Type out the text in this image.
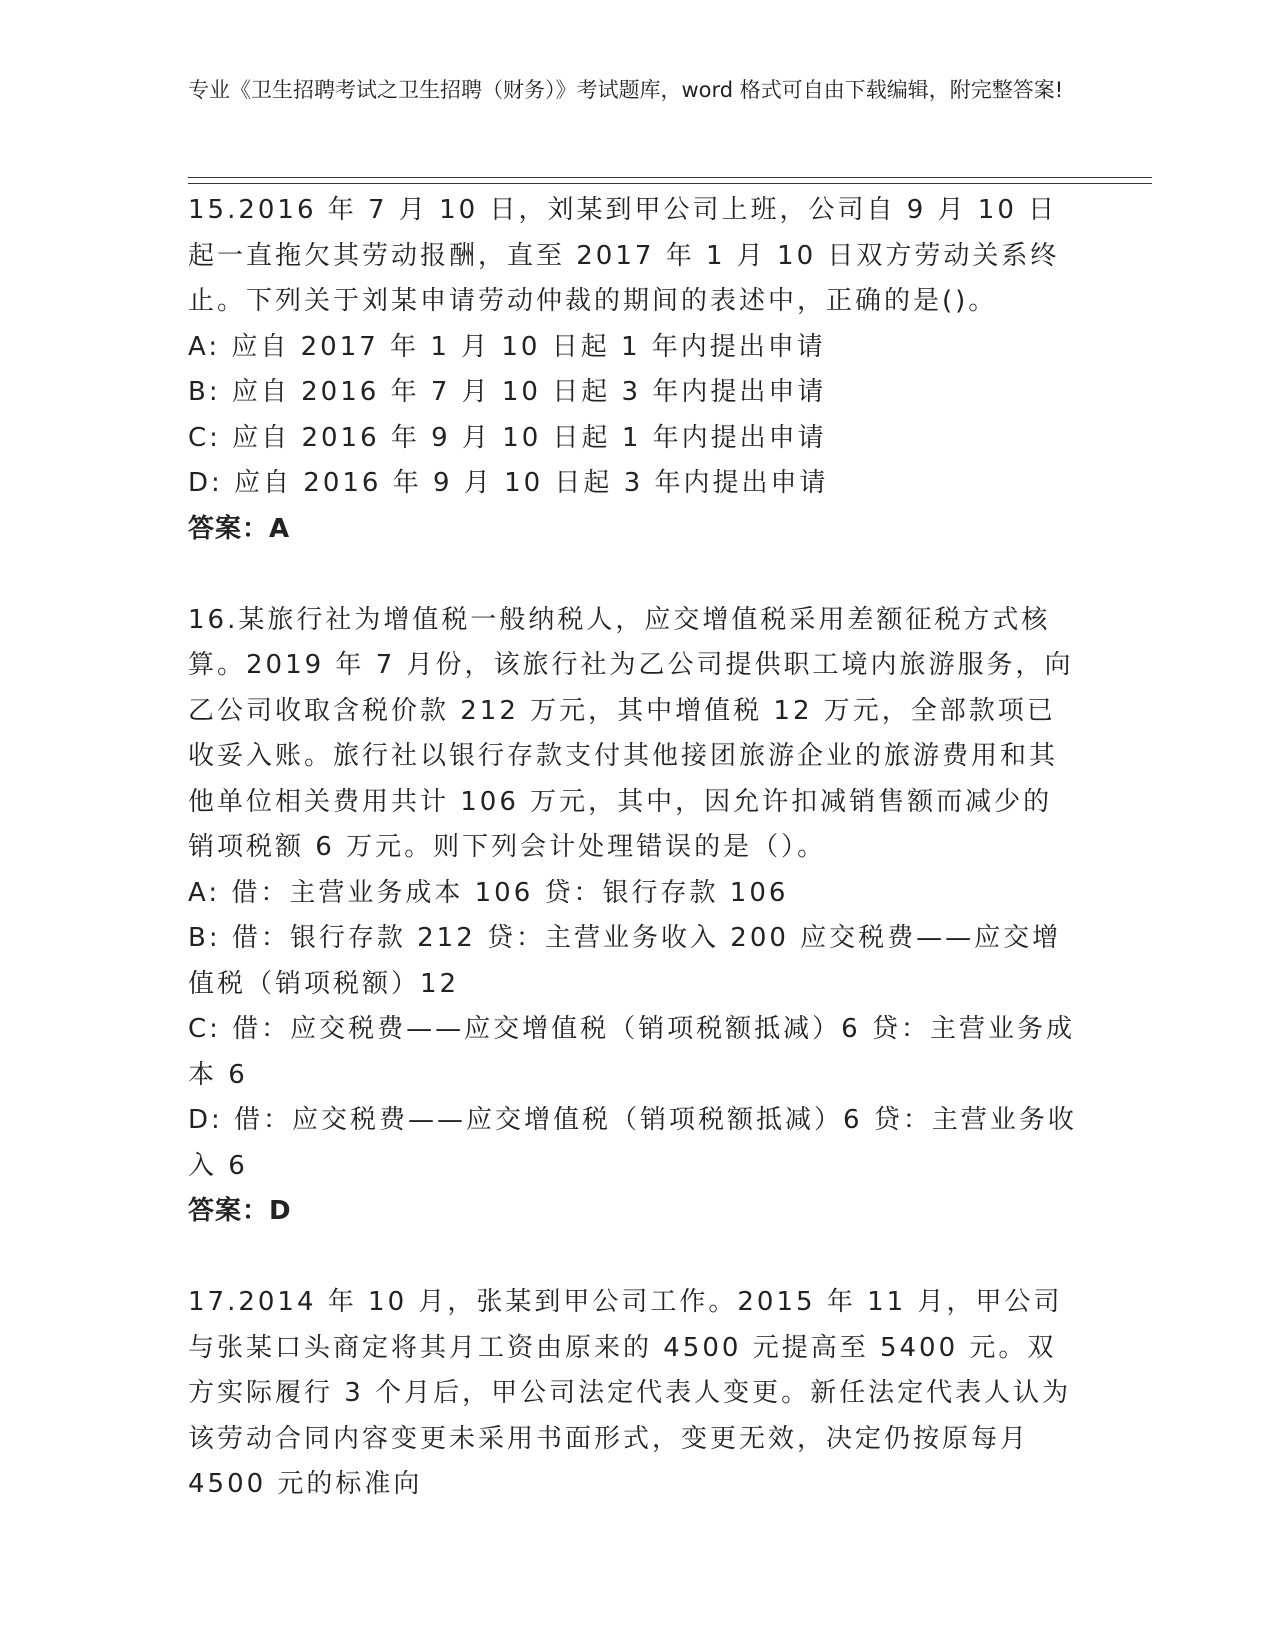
专业《卫生招聘考试之卫生招聘（财务）》考试题库，word 格式可自由下载编辑，附完整答案!

15.2016 年 7 月 10 日，刘某到甲公司上班，公司自 9 月 10 日起一直拖欠其劳动报酬，直至 2017 年 1 月 10 日双方劳动关系终止。下列关于刘某申请劳动仲裁的期间的表述中，正确的是()。

A: 应自 2017 年 1 月 10 日起 1 年内提出申请

B: 应自 2016 年 7 月 10 日起 3 年内提出申请

C: 应自 2016 年 9 月 10 日起 1 年内提出申请

D: 应自 2016 年 9 月 10 日起 3 年内提出申请

答案：A

16.某旅行社为增值税一般纳税人，应交增值税采用差额征税方式核算。2019 年 7 月份，该旅行社为乙公司提供职工境内旅游服务，向乙公司收取含税价款 212 万元，其中增值税 12 万元，全部款项已收妥入账。旅行社以银行存款支付其他接团旅游企业的旅游费用和其他单位相关费用共计 106 万元，其中，因允许扣减销售额而减少的销项税额 6 万元。则下列会计处理错误的是（）。

A: 借：主营业务成本 106 贷：银行存款 106

B: 借：银行存款 212 贷：主营业务收入 200 应交税费——应交增值税（销项税额）12

C: 借：应交税费——应交增值税（销项税额抵减）6 贷：主营业务成本 6

D: 借：应交税费——应交增值税（销项税额抵减）6 贷：主营业务收入 6

答案：D

17.2014 年 10 月，张某到甲公司工作。2015 年 11 月，甲公司与张某口头商定将其月工资由原来的 4500 元提高至 5400 元。双方实际履行 3 个月后，甲公司法定代表人变更。新任法定代表人认为该劳动合同内容变更未采用书面形式，变更无效，决定仍按原每月 4500 元的标准向
